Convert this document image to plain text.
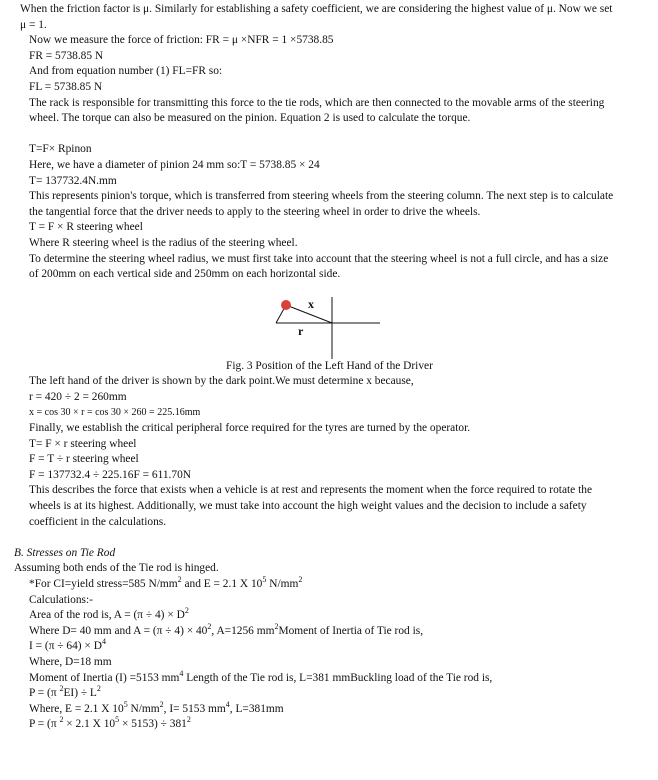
When the friction factor is μ. Similarly for establishing a safety coefficient, we are considering the highest value of μ. Now we set
μ = 1.
Now we measure the force of friction: FR = μ ×NFR = 1 ×5738.85
FR = 5738.85 N
And from equation number (1) FL=FR so:
FL = 5738.85 N
The rack is responsible for transmitting this force to the tie rods, which are then connected to the movable arms of the steering
wheel. The torque can also be measured on the pinion. Equation 2 is used to calculate the torque.
T=F× Rpinon
Here, we have a diameter of pinion 24 mm so:T = 5738.85 × 24
T= 137732.4N.mm
This represents pinion's torque, which is transferred from steering wheels from the steering column. The next step is to calculate
the tangential force that the driver needs to apply to the steering wheel in order to drive the wheels.
T = F × R steering wheel
Where R steering wheel is the radius of the steering wheel.
To determine the steering wheel radius, we must first take into account that the steering wheel is not a full circle, and has a size
of 200mm on each vertical side and 250mm on each horizontal side.
x
r
Fig. 3 Position of the Left Hand of the Driver
The left hand of the driver is shown by the dark point.We must determine x because,
r = 420 ÷ 2 = 260mm
x = cos 30 × r = cos 30 × 260 = 225.16mm
Finally, we establish the critical peripheral force required for the tyres are turned by the operator.
T= F × r steering wheel
F = T ÷ r steering wheel
F = 137732.4 ÷ 225.16F = 611.70N
This describes the force that exists when a vehicle is at rest and represents the moment when the force required to rotate the
wheels is at its highest. Additionally, we must take into account the high weight values and the decision to include a safety
coefficient in the calculations.
B. Stresses on Tie Rod
Assuming both ends of the Tie rod is hinged.
*For CI=yield stress=585 $N/mm^2$ and E = 2.1 X $10^5$ $N/mm^2$
Calculations:-
Area of the rod is, $A = (\pi \div 4) \times D^2$
Where D= 40 mm and $A = (\pi \div 4) \times 40^2$, A=1256 $mm^2Moment$ of Inertia of Tie rod is,
$I = (\pi \div 64) \times D^4$
Where, D=18 mm
Moment of Inertia (I) =5153 $mm^4$ Length of the Tie rod is, L=381 mmBuckling load of the Tie rod is,
P = (π $^2EI) \div L^2$
Where, E = 2.1 X $10^5$ $N/mm^2$, I= 5153 $mm^4$, L=381mm
P = (π $^2$ × 2.1 X $10^5 \times 5153) \div 381^2$
